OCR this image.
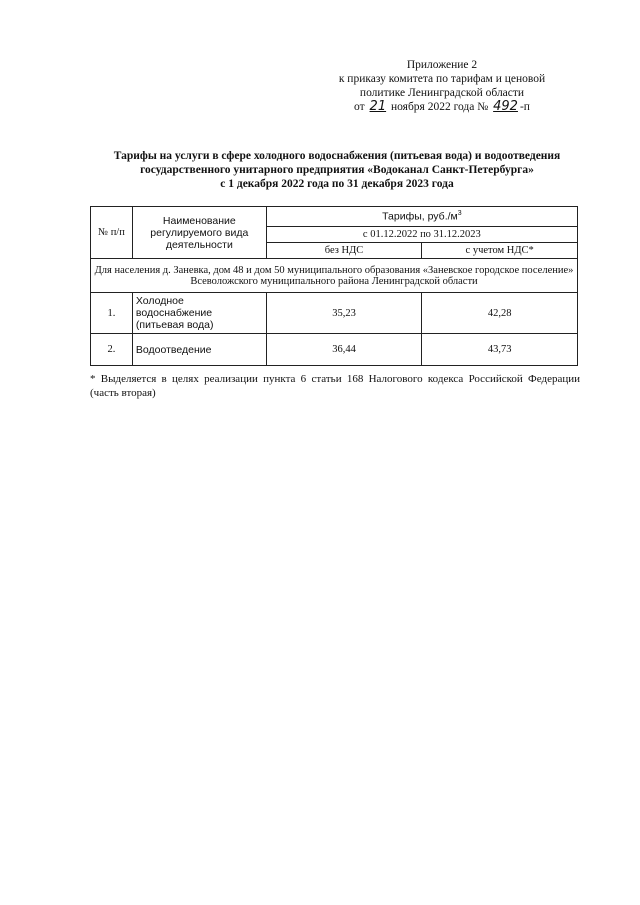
Приложение 2
к приказу комитета по тарифам и ценовой
политике Ленинградской области
от 21 ноября 2022 года № 492 -п
Тарифы на услуги в сфере холодного водоснабжения (питьевая вода) и водоотведения
государственного унитарного предприятия «Водоканал Санкт-Петербурга»
с 1 декабря 2022 года по 31 декабря 2023 года
№ п/п	Наименование регулируемого вида деятельности	Тарифы, $руб./м^3$
		с 01.12.2022 по 31.12.2023	
		без НДС	с учетом НДС*
Для населения д. Заневка, дом 48 и дом 50 муниципального образования «Заневское городское поселение» Всеволожского муниципального района Ленинградской области			
1.	Холодное водоснабжение (питьевая вода)	35,23	42,28
2.	Водоотведение	36,44	43,73
* Выделяется в целях реализации пункта 6 статьи 168 Налогового кодекса Российской Федерации (часть вторая)
